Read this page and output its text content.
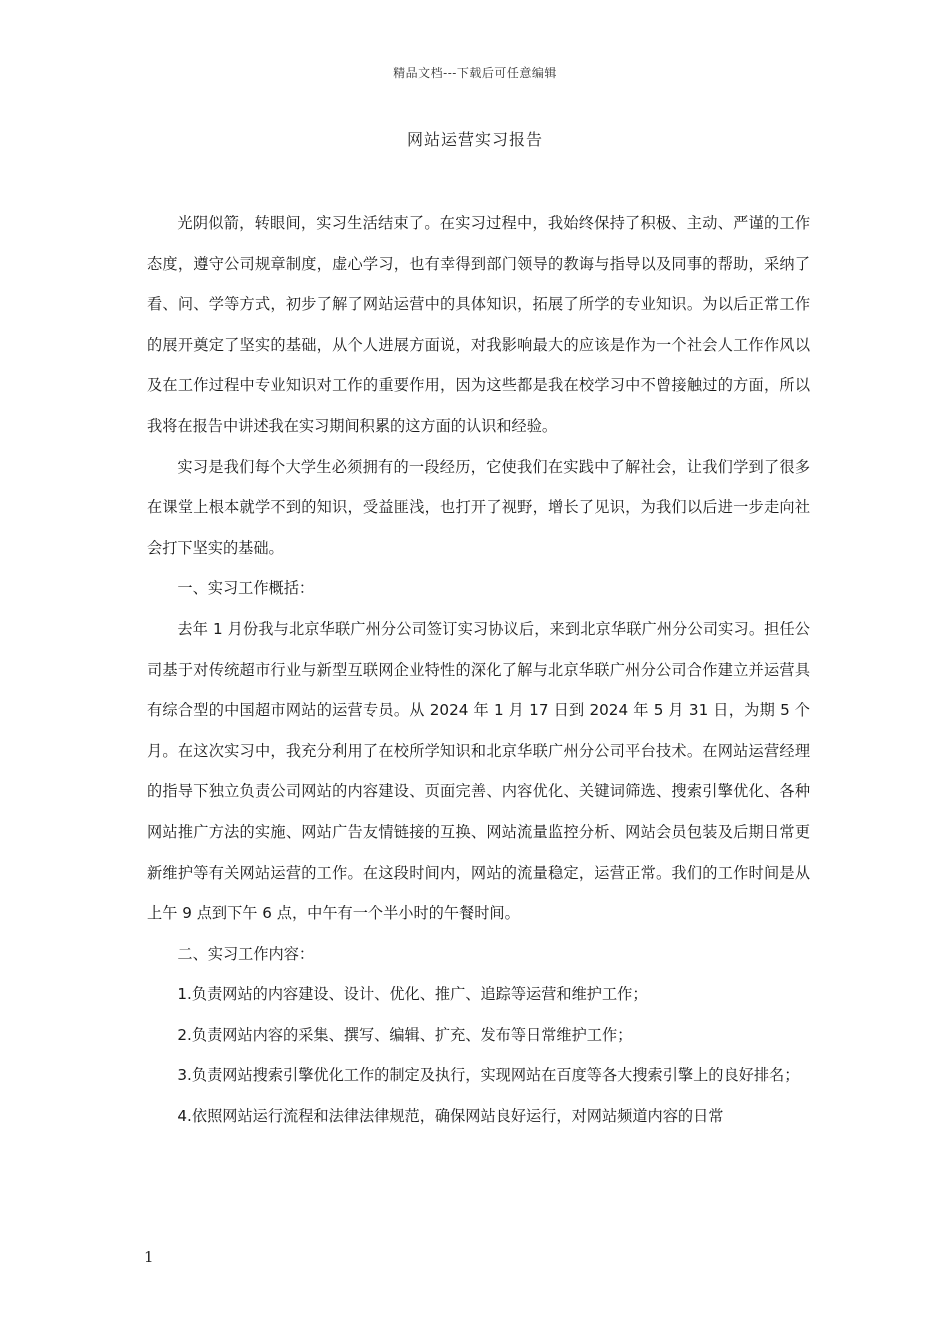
精品文档---下载后可任意编辑
网站运营实习报告

光阴似箭，转眼间，实习生活结束了。在实习过程中，我始终保持了积极、主动、严谨的工作态度，遵守公司规章制度，虚心学习，也有幸得到部门领导的教诲与指导以及同事的帮助，采纳了看、问、学等方式，初步了解了网站运营中的具体知识，拓展了所学的专业知识。为以后正常工作的展开奠定了坚实的基础，从个人进展方面说，对我影响最大的应该是作为一个社会人工作作风以及在工作过程中专业知识对工作的重要作用，因为这些都是我在校学习中不曾接触过的方面，所以我将在报告中讲述我在实习期间积累的这方面的认识和经验。

实习是我们每个大学生必须拥有的一段经历，它使我们在实践中了解社会，让我们学到了很多在课堂上根本就学不到的知识，受益匪浅，也打开了视野，增长了见识，为我们以后进一步走向社会打下坚实的基础。

一、实习工作概括：

去年 1 月份我与北京华联广州分公司签订实习协议后，来到北京华联广州分公司实习。担任公司基于对传统超市行业与新型互联网企业特性的深化了解与北京华联广州分公司合作建立并运营具有综合型的中国超市网站的运营专员。从 2024 年 1 月 17 日到 2024 年 5 月 31 日，为期 5 个月。在这次实习中，我充分利用了在校所学知识和北京华联广州分公司平台技术。在网站运营经理的指导下独立负责公司网站的内容建设、页面完善、内容优化、关键词筛选、搜索引擎优化、各种网站推广方法的实施、网站广告友情链接的互换、网站流量监控分析、网站会员包装及后期日常更新维护等有关网站运营的工作。在这段时间内，网站的流量稳定，运营正常。我们的工作时间是从上午 9 点到下午 6 点，中午有一个半小时的午餐时间。

二、实习工作内容：

1.负责网站的内容建设、设计、优化、推广、追踪等运营和维护工作；

2.负责网站内容的采集、撰写、编辑、扩充、发布等日常维护工作；

3.负责网站搜索引擎优化工作的制定及执行，实现网站在百度等各大搜索引擎上的良好排名；

4.依照网站运行流程和法律法律规范，确保网站良好运行，对网站频道内容的日常

1
